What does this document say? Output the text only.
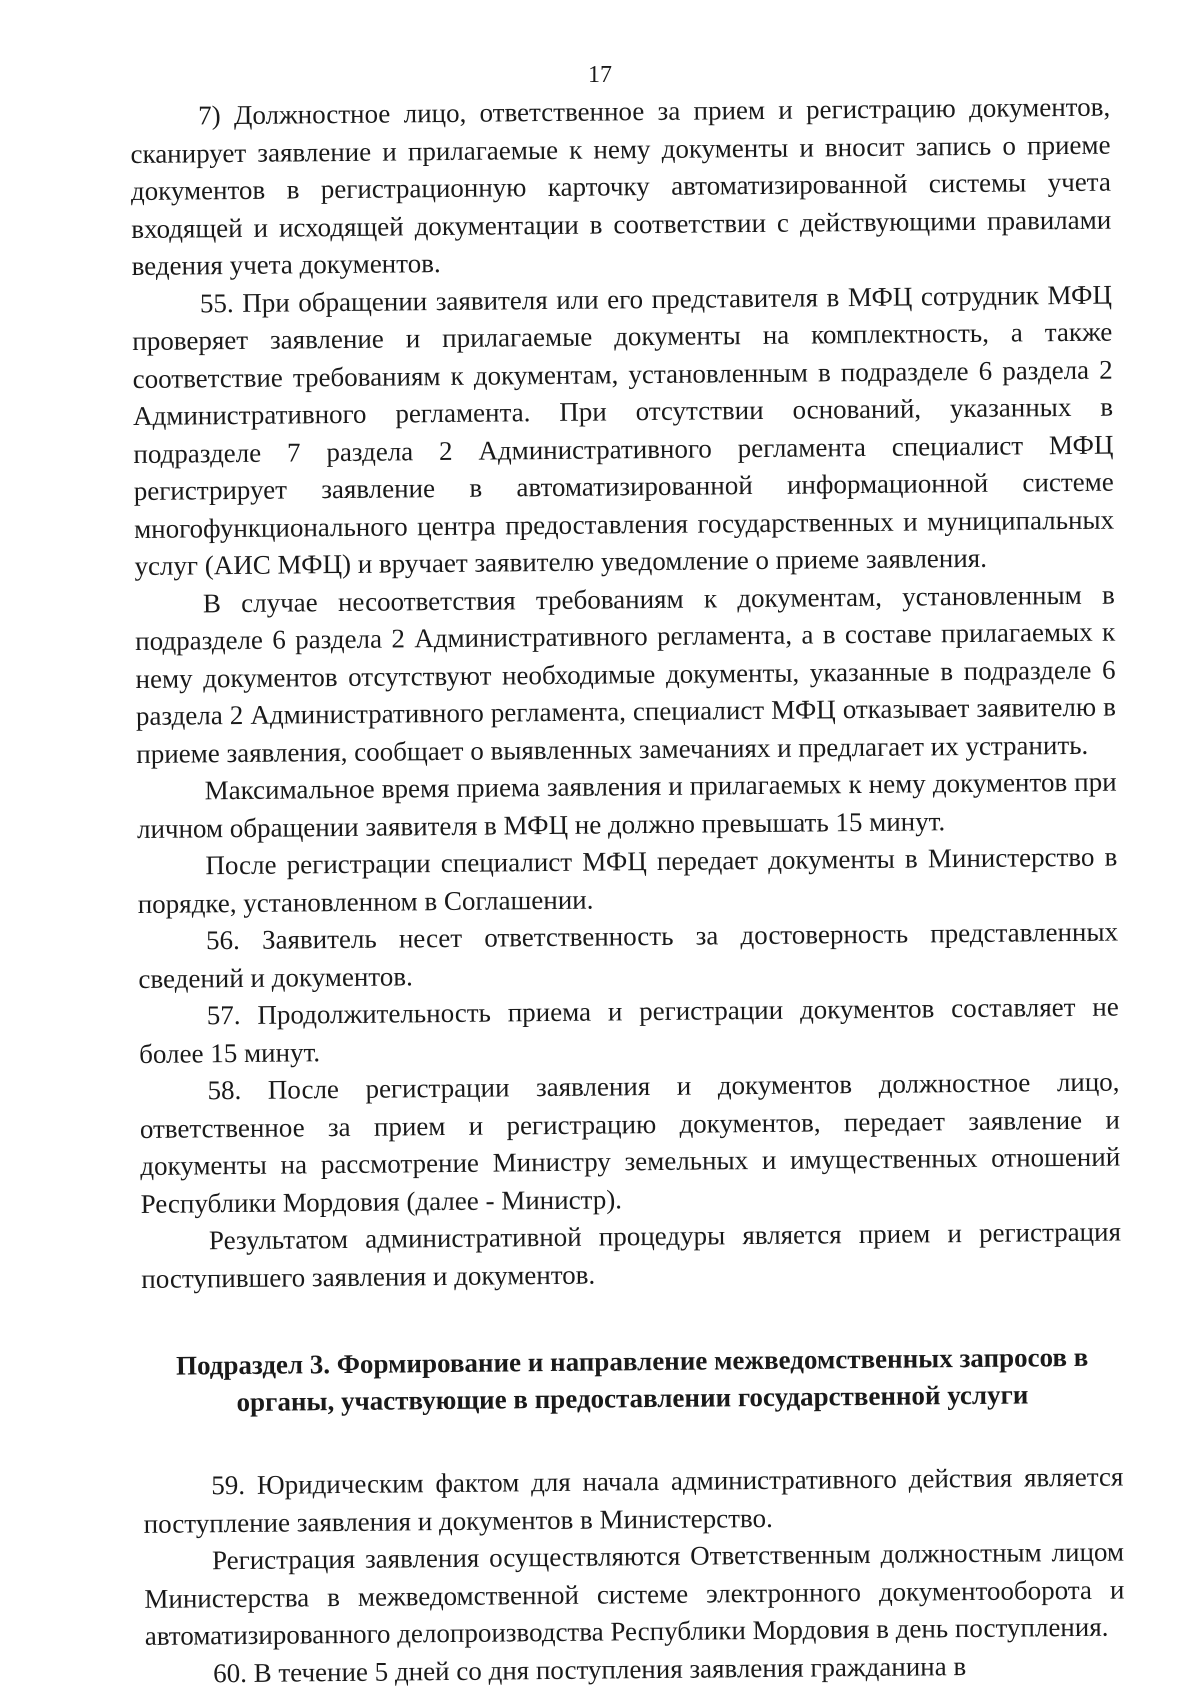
17

7) Должностное лицо, ответственное за прием и регистрацию документов, сканирует заявление и прилагаемые к нему документы и вносит запись о приеме документов в регистрационную карточку автоматизированной системы учета входящей и исходящей документации в соответствии с действующими правилами ведения учета документов.

55. При обращении заявителя или его представителя в МФЦ сотрудник МФЦ проверяет заявление и прилагаемые документы на комплектность, а также соответствие требованиям к документам, установленным в подразделе 6 раздела 2 Административного регламента. При отсутствии оснований, указанных в подразделе 7 раздела 2 Административного регламента специалист МФЦ регистрирует заявление в автоматизированной информационной системе многофункционального центра предоставления государственных и муниципальных услуг (АИС МФЦ) и вручает заявителю уведомление о приеме заявления.

В случае несоответствия требованиям к документам, установленным в подразделе 6 раздела 2 Административного регламента, а в составе прилагаемых к нему документов отсутствуют необходимые документы, указанные в подразделе 6 раздела 2 Административного регламента, специалист МФЦ отказывает заявителю в приеме заявления, сообщает о выявленных замечаниях и предлагает их устранить.

Максимальное время приема заявления и прилагаемых к нему документов при личном обращении заявителя в МФЦ не должно превышать 15 минут.

После регистрации специалист МФЦ передает документы в Министерство в порядке, установленном в Соглашении.

56. Заявитель несет ответственность за достоверность представленных сведений и документов.

57. Продолжительность приема и регистрации документов составляет не более 15 минут.

58. После регистрации заявления и документов должностное лицо, ответственное за прием и регистрацию документов, передает заявление и документы на рассмотрение Министру земельных и имущественных отношений Республики Мордовия (далее - Министр).

Результатом административной процедуры является прием и регистрация поступившего заявления и документов.

Подраздел 3. Формирование и направление межведомственных запросов в
органы, участвующие в предоставлении государственной услуги

59. Юридическим фактом для начала административного действия является поступление заявления и документов в Министерство.

Регистрация заявления осуществляются Ответственным должностным лицом Министерства в межведомственной системе электронного документооборота и автоматизированного делопроизводства Республики Мордовия в день поступления.

60. В течение 5 дней со дня поступления заявления гражданина в
